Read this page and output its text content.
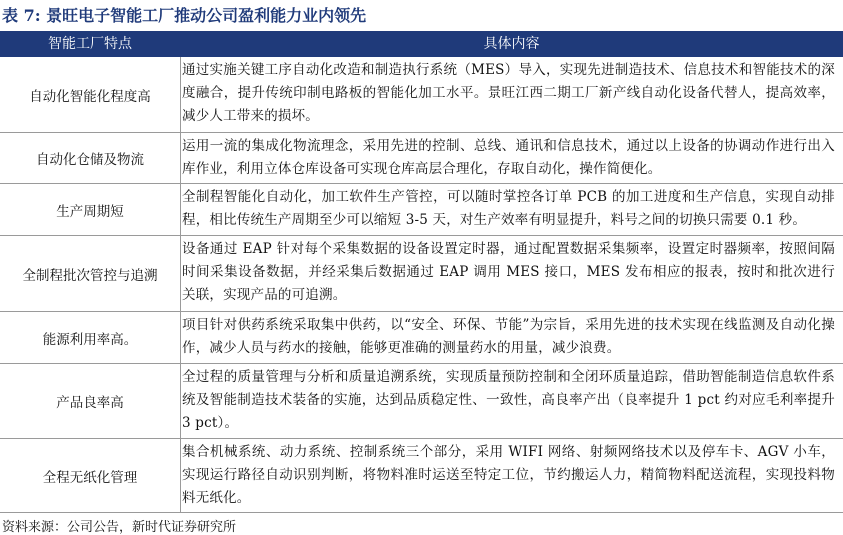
表 7: 景旺电子智能工厂推动公司盈利能力业内领先
智能工厂特点	具体内容
自动化智能化程度高
通过实施关键工序自动化改造和制造执行系统（MES）导入，实现先进制造技术、信息技术和智能技术的深度融合，提升传统印制电路板的智能化加工水平。景旺江西二期工厂新产线自动化设备代替人，提高效率，减少人工带来的损坏。
自动化仓储及物流
运用一流的集成化物流理念，采用先进的控制、总线、通讯和信息技术，通过以上设备的协调动作进行出入库作业，利用立体仓库设备可实现仓库高层合理化，存取自动化，操作简便化。
生产周期短
全制程智能化自动化，加工软件生产管控，可以随时掌控各订单 PCB 的加工进度和生产信息，实现自动排程，相比传统生产周期至少可以缩短 3-5 天，对生产效率有明显提升，料号之间的切换只需要 0.1 秒。
全制程批次管控与追溯
设备通过 EAP 针对每个采集数据的设备设置定时器，通过配置数据采集频率，设置定时器频率，按照间隔时间采集设备数据，并经采集后数据通过 EAP 调用 MES 接口，MES 发布相应的报表，按时和批次进行关联，实现产品的可追溯。
能源利用率高。
项目针对供药系统采取集中供药，以“安全、环保、节能”为宗旨，采用先进的技术实现在线监测及自动化操作，减少人员与药水的接触，能够更准确的测量药水的用量，减少浪费。
产品良率高
全过程的质量管理与分析和质量追溯系统，实现质量预防控制和全闭环质量追踪，借助智能制造信息软件系统及智能制造技术装备的实施，达到品质稳定性、一致性，高良率产出（良率提升 1 pct 约对应毛利率提升 3 pct）。
全程无纸化管理
集合机械系统、动力系统、控制系统三个部分，采用 WIFI 网络、射频网络技术以及停车卡、AGV 小车，实现运行路径自动识别判断，将物料准时运送至特定工位，节约搬运人力，精简物料配送流程，实现投料物料无纸化。
资料来源：公司公告，新时代证券研究所
